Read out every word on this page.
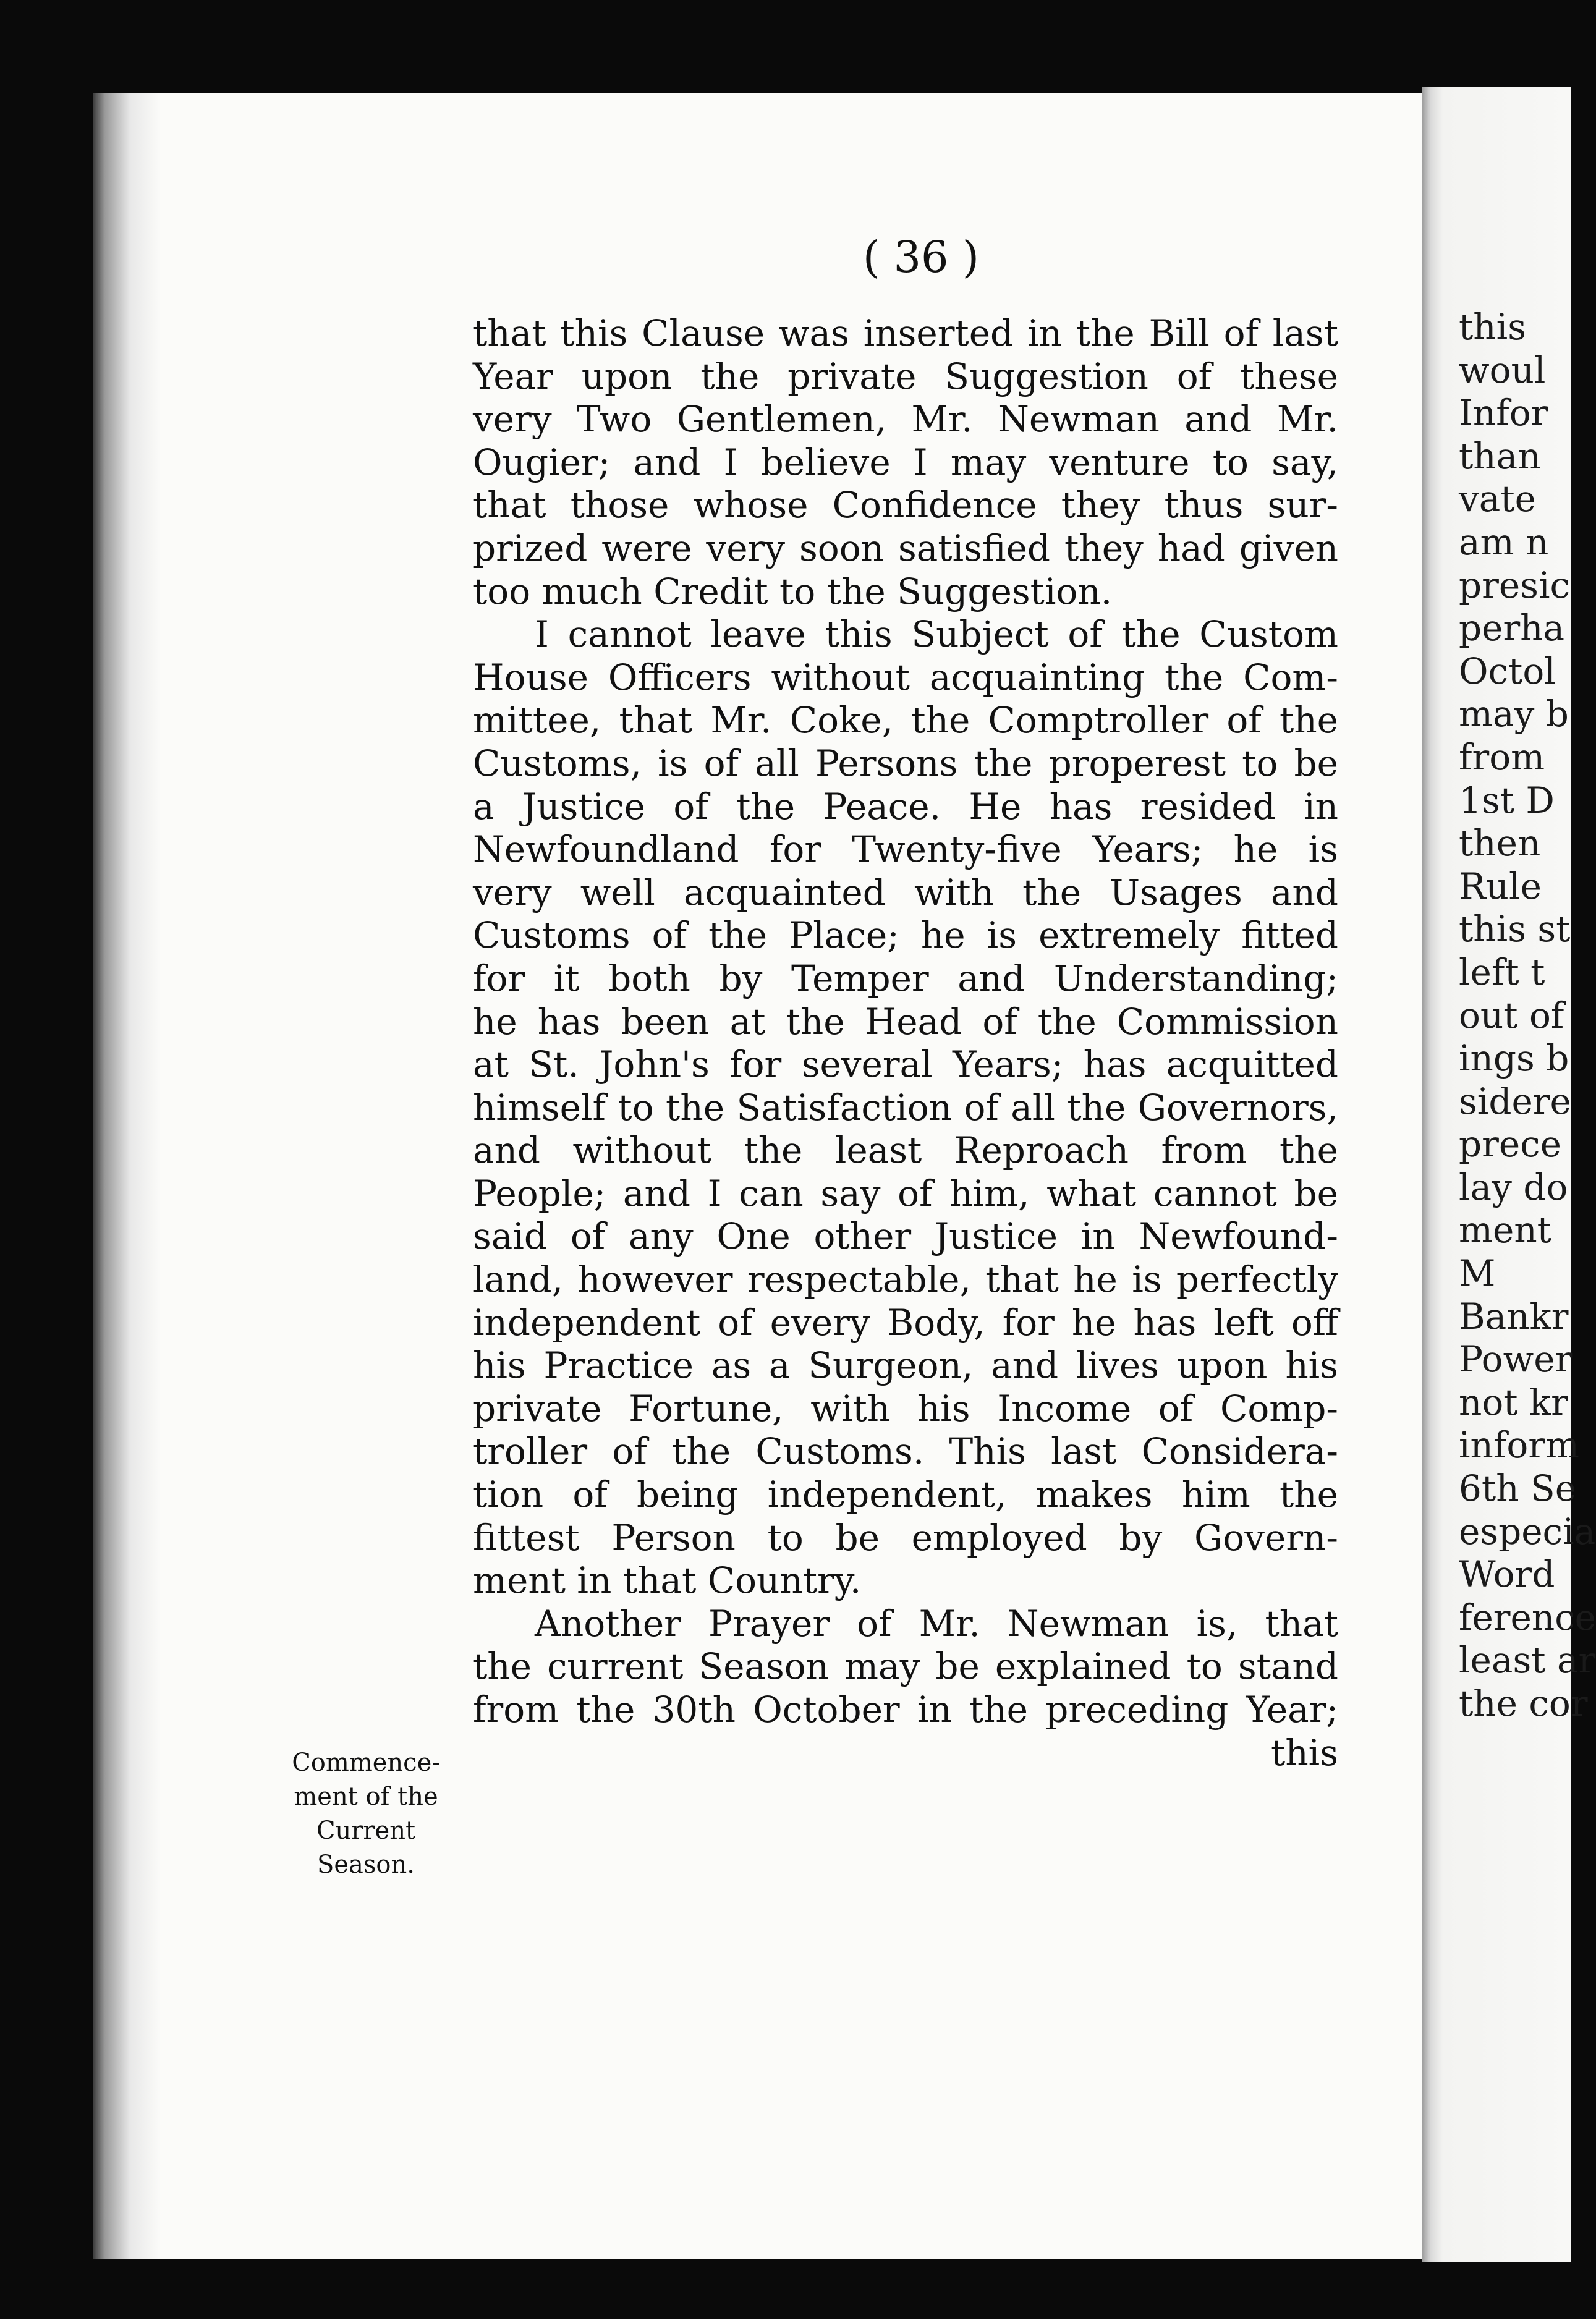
this
woul
Infor
than
vate
am n
presic
perha
Octol
may b
from
1st D
then
Rule
this st
left t
out of
ings b
sidere
prece
lay do
ment
M
Bankr
Power
not kr
inform
6th Se
especia
Word
ference
least ar
the cor
( 36 )
that this Clause was inserted in the Bill of last
Year upon the private Suggestion of these
very Two Gentlemen, Mr. Newman and Mr.
Ougier; and I believe I may venture to say,
that those whose Confidence they thus sur-
prized were very soon satisfied they had given
too much Credit to the Suggestion.
I cannot leave this Subject of the Custom
House Officers without acquainting the Com-
mittee, that Mr. Coke, the Comptroller of the
Customs, is of all Persons the properest to be
a Justice of the Peace. He has resided in
Newfoundland for Twenty-five Years; he is
very well acquainted with the Usages and
Customs of the Place; he is extremely fitted
for it both by Temper and Understanding;
he has been at the Head of the Commission
at St. John's for several Years; has acquitted
himself to the Satisfaction of all the Governors,
and without the least Reproach from the
People; and I can say of him, what cannot be
said of any One other Justice in Newfound-
land, however respectable, that he is perfectly
independent of every Body, for he has left off
his Practice as a Surgeon, and lives upon his
private Fortune, with his Income of Comp-
troller of the Customs. This last Considera-
tion of being independent, makes him the
fittest Person to be employed by Govern-
ment in that Country.
Another Prayer of Mr. Newman is, that
the current Season may be explained to stand
from the 30th October in the preceding Year;
this
Commence-
ment of the
Current
Season.
